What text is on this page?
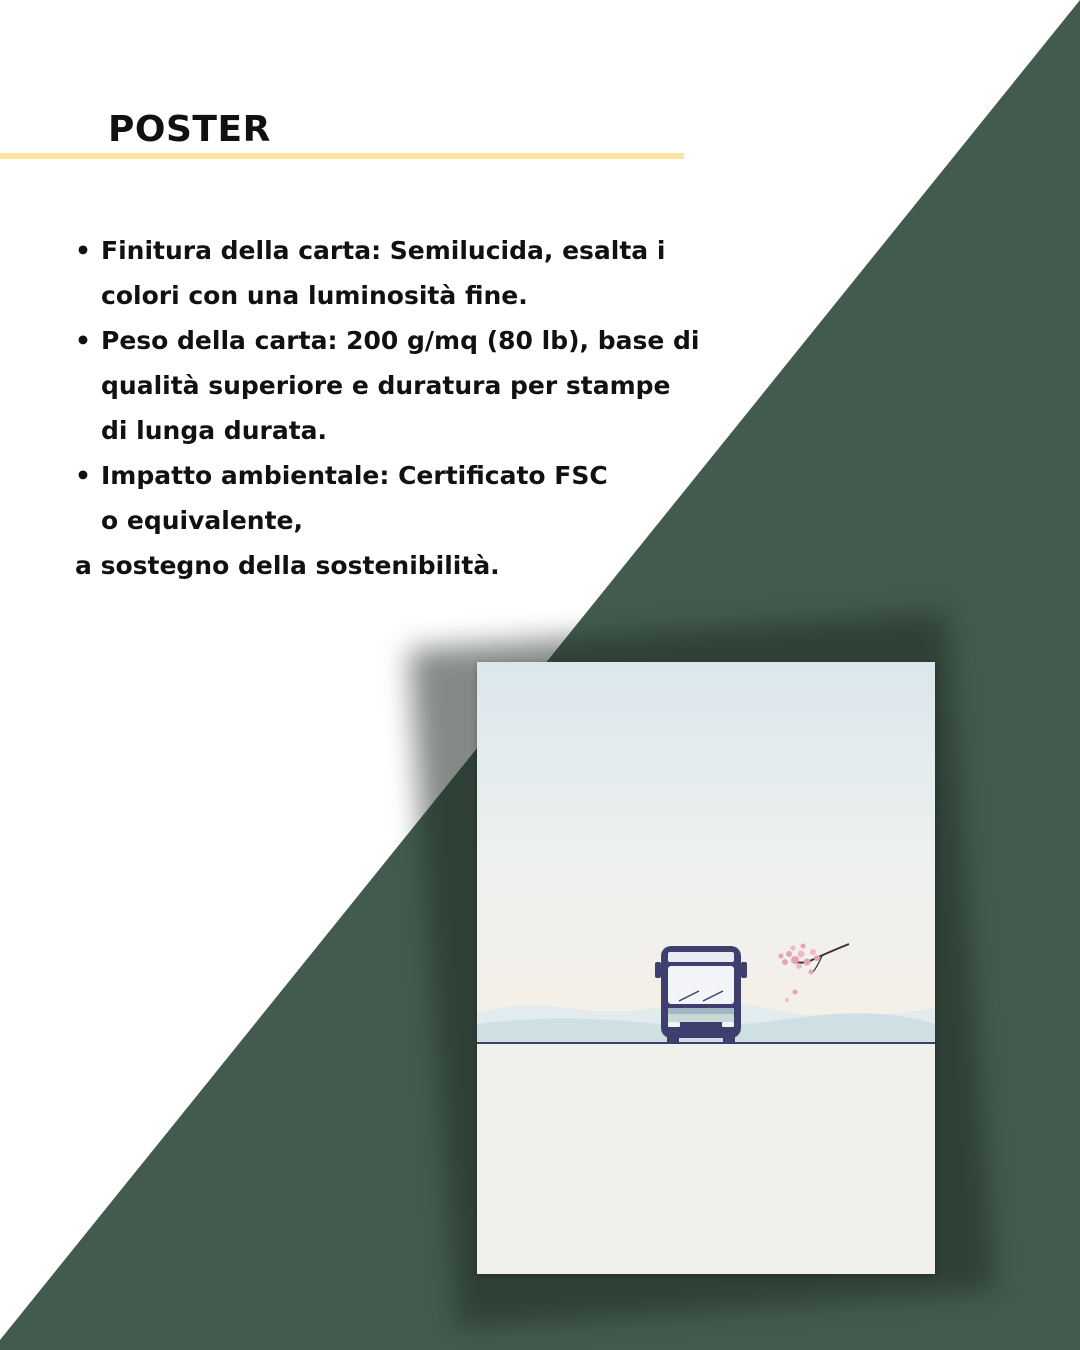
POSTER
• Finitura della carta: Semilucida, esalta i
colori con una luminosità fine.
• Peso della carta: 200 g/mq (80 lb), base di
qualità superiore e duratura per stampe
di lunga durata.
• Impatto ambientale: Certificato FSC
o equivalente,
a sostegno della sostenibilità.
